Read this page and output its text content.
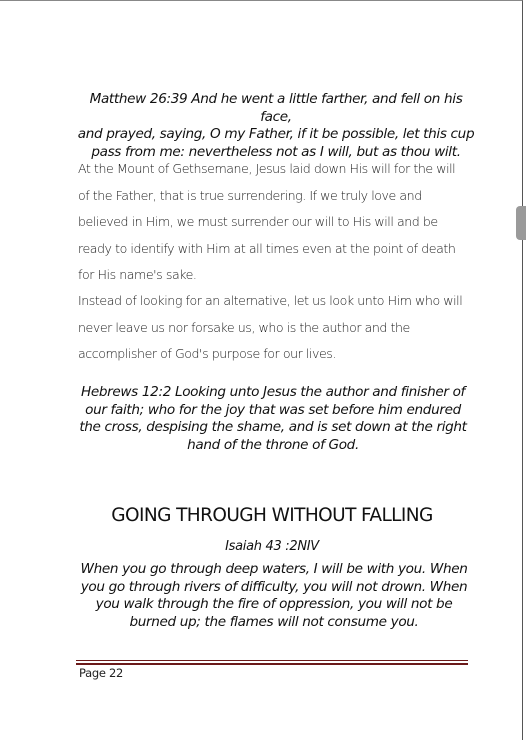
Matthew 26:39 And he went a little farther, and fell on his face,
and prayed, saying, O my Father, if it be possible, let this cup
pass from me: nevertheless not as I will, but as thou wilt.
At the Mount of Gethsemane, Jesus laid down His will for the will
of the Father, that is true surrendering. If we truly love and
believed in Him, we must surrender our will to His will and be
ready to identify with Him at all times even at the point of death
for His name's sake.
Instead of looking for an alternative, let us look unto Him who will
never leave us nor forsake us, who is the author and the
accomplisher of God's purpose for our lives.
Hebrews 12:2 Looking unto Jesus the author and finisher of
our faith; who for the joy that was set before him endured
the cross, despising the shame, and is set down at the right
hand of the throne of God.
GOING THROUGH WITHOUT FALLING
Isaiah 43 :2NIV
When you go through deep waters, I will be with you. When
you go through rivers of difficulty, you will not drown. When
you walk through the fire of oppression, you will not be
burned up; the flames will not consume you.
Page 22
